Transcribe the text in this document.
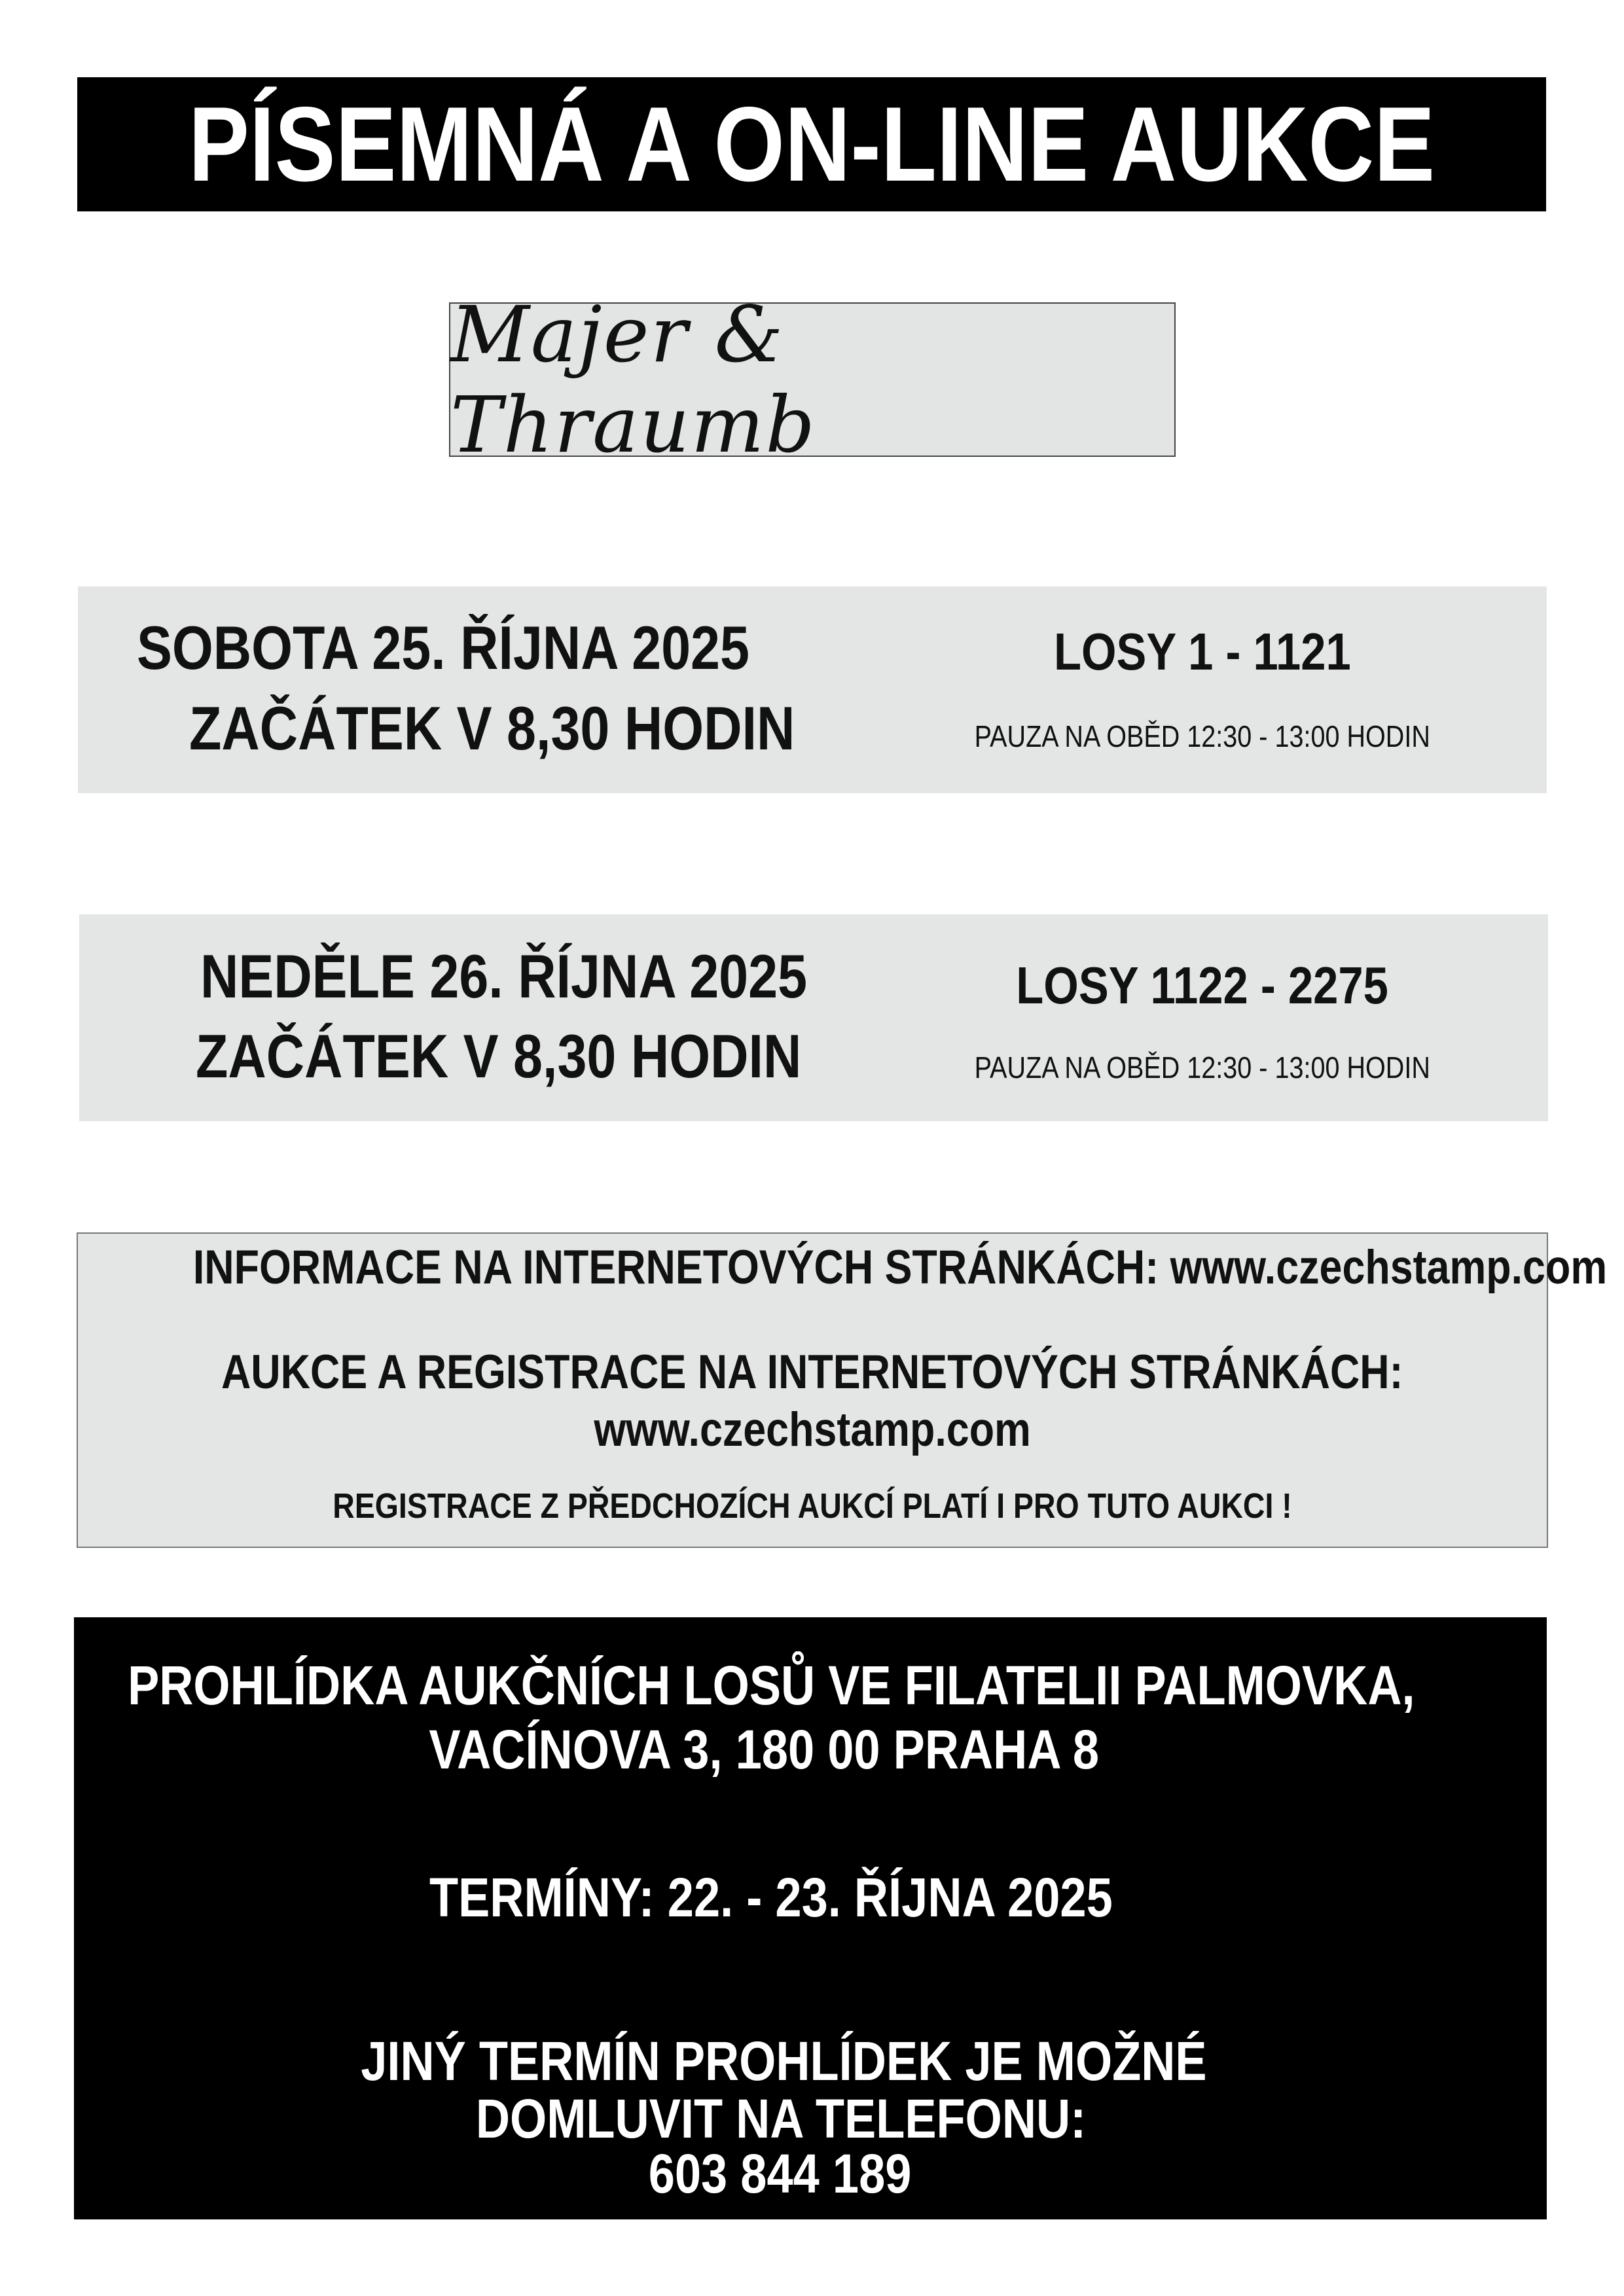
PÍSEMNÁ A ON-LINE AUKCE
Majer & Thraumb
SOBOTA 25. ŘÍJNA 2025
ZAČÁTEK V 8,30 HODIN
LOSY 1 - 1121
PAUZA NA OBĚD 12:30 - 13:00 HODIN
NEDĚLE 26. ŘÍJNA 2025
ZAČÁTEK V 8,30 HODIN
LOSY 1122 - 2275
PAUZA NA OBĚD 12:30 - 13:00 HODIN
INFORMACE NA INTERNETOVÝCH STRÁNKÁCH: www.czechstamp.com
AUKCE A REGISTRACE NA INTERNETOVÝCH STRÁNKÁCH:
www.czechstamp.com
REGISTRACE Z PŘEDCHOZÍCH AUKCÍ PLATÍ I PRO TUTO AUKCI !
PROHLÍDKA AUKČNÍCH LOSŮ VE FILATELII PALMOVKA,
VACÍNOVA 3, 180 00 PRAHA 8
TERMÍNY: 22. - 23. ŘÍJNA 2025
JINÝ TERMÍN PROHLÍDEK JE MOŽNÉ
DOMLUVIT NA TELEFONU:
603 844 189
